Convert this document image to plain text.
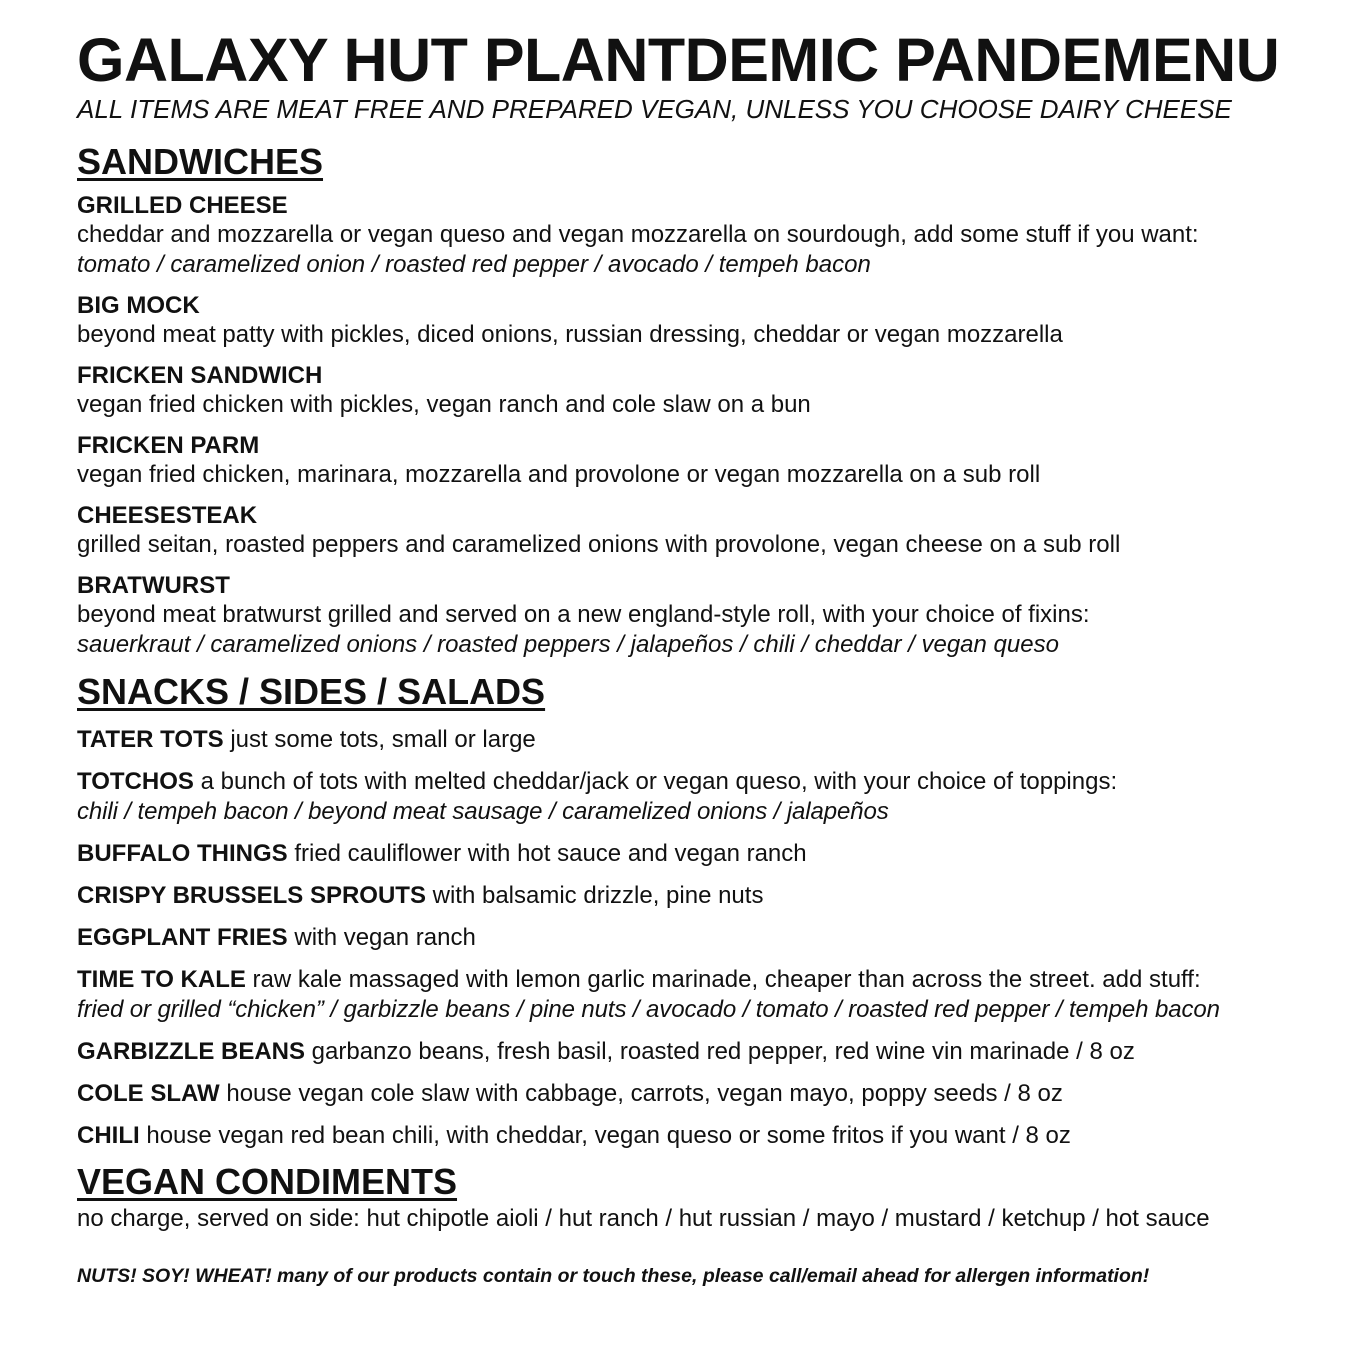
GALAXY HUT PLANTDEMIC PANDEMENU

ALL ITEMS ARE MEAT FREE AND PREPARED VEGAN, UNLESS YOU CHOOSE DAIRY CHEESE

SANDWICHES
GRILLED CHEESE
cheddar and mozzarella or vegan queso and vegan mozzarella on sourdough, add some stuff if you want:
tomato / caramelized onion / roasted red pepper / avocado / tempeh bacon
BIG MOCK
beyond meat patty with pickles, diced onions, russian dressing, cheddar or vegan mozzarella
FRICKEN SANDWICH
vegan fried chicken with pickles, vegan ranch and cole slaw on a bun
FRICKEN PARM
vegan fried chicken, marinara, mozzarella and provolone or vegan mozzarella on a sub roll
CHEESESTEAK
grilled seitan, roasted peppers and caramelized onions with provolone, vegan cheese on a sub roll
BRATWURST
beyond meat bratwurst grilled and served on a new england-style roll, with your choice of fixins:
sauerkraut / caramelized onions / roasted peppers / jalapeños / chili / cheddar / vegan queso
SNACKS / SIDES / SALADS
TATER TOTS just some tots, small or large
TOTCHOS a bunch of tots with melted cheddar/jack or vegan queso, with your choice of toppings:
chili / tempeh bacon / beyond meat sausage / caramelized onions / jalapeños
BUFFALO THINGS fried cauliflower with hot sauce and vegan ranch
CRISPY BRUSSELS SPROUTS with balsamic drizzle, pine nuts
EGGPLANT FRIES with vegan ranch
TIME TO KALE raw kale massaged with lemon garlic marinade, cheaper than across the street. add stuff:
fried or grilled “chicken” / garbizzle beans / pine nuts / avocado / tomato / roasted red pepper / tempeh bacon
GARBIZZLE BEANS garbanzo beans, fresh basil, roasted red pepper, red wine vin marinade / 8 oz
COLE SLAW house vegan cole slaw with cabbage, carrots, vegan mayo, poppy seeds / 8 oz
CHILI house vegan red bean chili, with cheddar, vegan queso or some fritos if you want / 8 oz
VEGAN CONDIMENTS
no charge, served on side: hut chipotle aioli / hut ranch / hut russian / mayo / mustard / ketchup / hot sauce
NUTS! SOY! WHEAT! many of our products contain or touch these, please call/email ahead for allergen information!
